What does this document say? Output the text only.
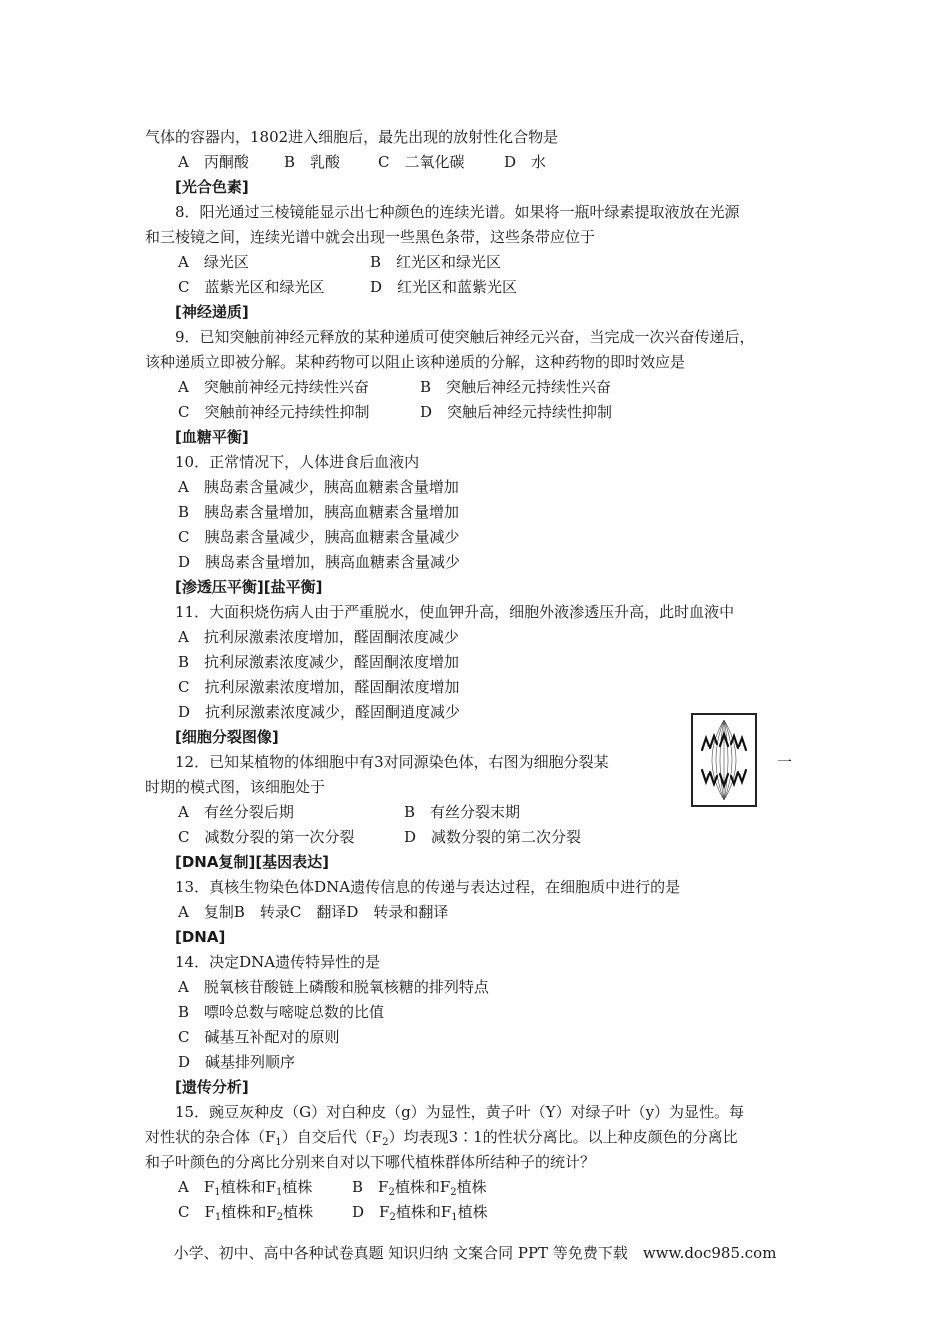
气体的容器内，1802进入细胞后，最先出现的放射性化合物是
A　丙酮酸 B　乳酸	C　二氧化碳	D　水
[光合色素]
8．阳光通过三棱镜能显示出七种颜色的连续光谱。如果将一瓶叶绿素提取液放在光源
和三棱镜之间，连续光谱中就会出现一些黑色条带，这些条带应位于
A　绿光区	B　红光区和绿光区
C　蓝紫光区和绿光区	D　红光区和蓝紫光区
[神经递质]
9．已知突触前神经元释放的某种递质可使突触后神经元兴奋，当完成一次兴奋传递后，
该种递质立即被分解。某种药物可以阻止该种递质的分解，这种药物的即时效应是
A　突触前神经元持续性兴奋	B　突触后神经元持续性兴奋
C　突触前神经元持续性抑制	D　突触后神经元持续性抑制
[血糖平衡]
10．正常情况下，人体进食后血液内
A　胰岛素含量减少，胰高血糖素含量增加
B　胰岛素含量增加，胰高血糖素含量增加
C　胰岛素含量减少，胰高血糖素含量减少
D　胰岛素含量增加，胰高血糖素含量减少
[渗透压平衡][盐平衡]
11．大面积烧伤病人由于严重脱水，使血钾升高，细胞外液渗透压升高，此时血液中
A　抗利尿激素浓度增加，醛固酮浓度减少
B　抗利尿激素浓度减少，醛固酮浓度增加
C　抗利尿激素浓度增加，醛固酮浓度增加
D　抗利尿激素浓度减少，醛固酮逍度减少
[细胞分裂图像]
12．已知某植物的体细胞中有3对同源染色体，右图为细胞分裂某	一
时期的模式图，该细胞处于
A　有丝分裂后期	B　有丝分裂末期
C　减数分裂的第一次分裂	D　减数分裂的第二次分裂
[DNA复制][基因表达]
13．真核生物染色体DNA遗传信息的传递与表达过程，在细胞质中进行的是
A　复制B　转录C　翻译D　转录和翻译
[DNA]
14．决定DNA遗传特异性的是
A　脱氧核苷酸链上磷酸和脱氧核糖的排列特点
B　嘌呤总数与嘧啶总数的比值
C　碱基互补配对的原则
D　碱基排列顺序
[遗传分析]
15．豌豆灰种皮（G）对白种皮（g）为显性，黄子叶（Y）对绿子叶（y）为显性。每
对性状的杂合体$(F_1)$自交后代$(F_2)$均表现3∶1的性状分离比。以上种皮颜色的分离比
和子叶颜色的分离比分别来自对以下哪代植株群体所结种子的统计？
A　$F_1$植株和$F_1$植株	B　$F_2$植株和$F_2$植株
C　$F_1$植株和$F_2$植株	D　$F_2$植株和$F_1$植株
小学、初中、高中各种试卷真题 知识归纳 文案合同 PPT 等免费下载　www.doc985.com
